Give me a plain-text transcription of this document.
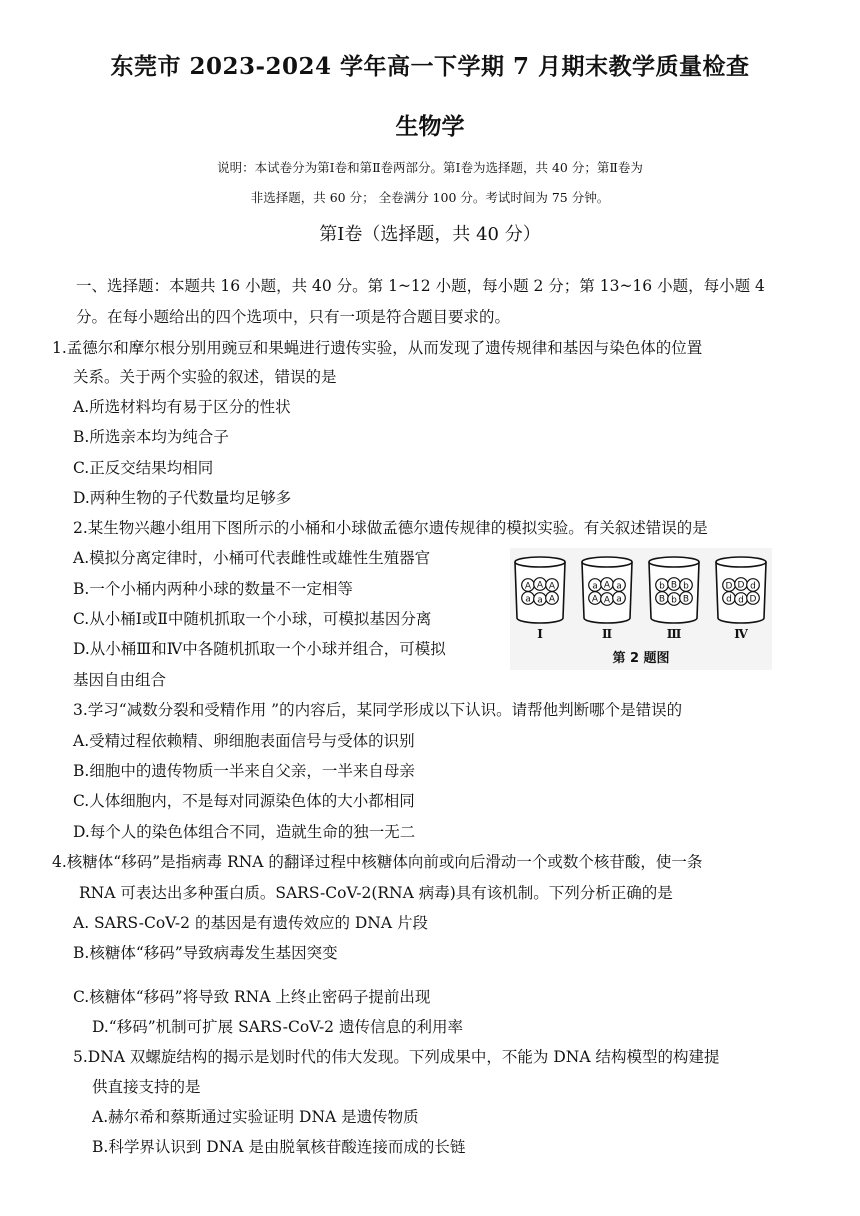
东莞市 2023-2024 学年高一下学期 7 月期末教学质量检查
生物学
说明：本试卷分为第Ⅰ卷和第Ⅱ卷两部分。第Ⅰ卷为选择题，共 40 分；第Ⅱ卷为
非选择题，共 60 分； 全卷满分 100 分。考试时间为 75 分钟。
第Ⅰ卷（选择题，共 40 分）
一、选择题：本题共 16 小题，共 40 分。第 1~12 小题，每小题 2 分；第 13~16 小题，每小题 4
分。在每小题给出的四个选项中，只有一项是符合题目要求的。
1.孟德尔和摩尔根分别用豌豆和果蝇进行遗传实验，从而发现了遗传规律和基因与染色体的位置
关系。关于两个实验的叙述，错误的是
A.所选材料均有易于区分的性状
B.所选亲本均为纯合子
C.正反交结果均相同
D.两种生物的子代数量均足够多
2.某生物兴趣小组用下图所示的小桶和小球做孟德尔遗传规律的模拟实验。有关叙述错误的是
A.模拟分离定律时，小桶可代表雌性或雄性生殖器官
B.一个小桶内两种小球的数量不一定相等
C.从小桶Ⅰ或Ⅱ中随机抓取一个小球，可模拟基因分离
D.从小桶Ⅲ和Ⅳ中各随机抓取一个小球并组合，可模拟
基因自由组合
A A A
a a A
Ⅰ
a A a
A A a
Ⅱ
b B b
B b B
Ⅲ
D D d
d d D
Ⅳ
第 2 题图
3.学习“减数分裂和受精作用 ”的内容后，某同学形成以下认识。请帮他判断哪个是错误的
A.受精过程依赖精、卵细胞表面信号与受体的识别
B.细胞中的遗传物质一半来自父亲，一半来自母亲
C.人体细胞内，不是每对同源染色体的大小都相同
D.每个人的染色体组合不同，造就生命的独一无二
4.核糖体“移码”是指病毒 RNA 的翻译过程中核糖体向前或向后滑动一个或数个核苷酸，使一条
RNA 可表达出多种蛋白质。SARS-CoV-2(RNA 病毒)具有该机制。下列分析正确的是
A. SARS-CoV-2 的基因是有遗传效应的 DNA 片段
B.核糖体“移码”导致病毒发生基因突变
C.核糖体“移码”将导致 RNA 上终止密码子提前出现
D.“移码”机制可扩展 SARS-CoV-2 遗传信息的利用率
5.DNA 双螺旋结构的揭示是划时代的伟大发现。下列成果中，不能为 DNA 结构模型的构建提
供直接支持的是
A.赫尔希和蔡斯通过实验证明 DNA 是遗传物质
B.科学界认识到 DNA 是由脱氧核苷酸连接而成的长链
